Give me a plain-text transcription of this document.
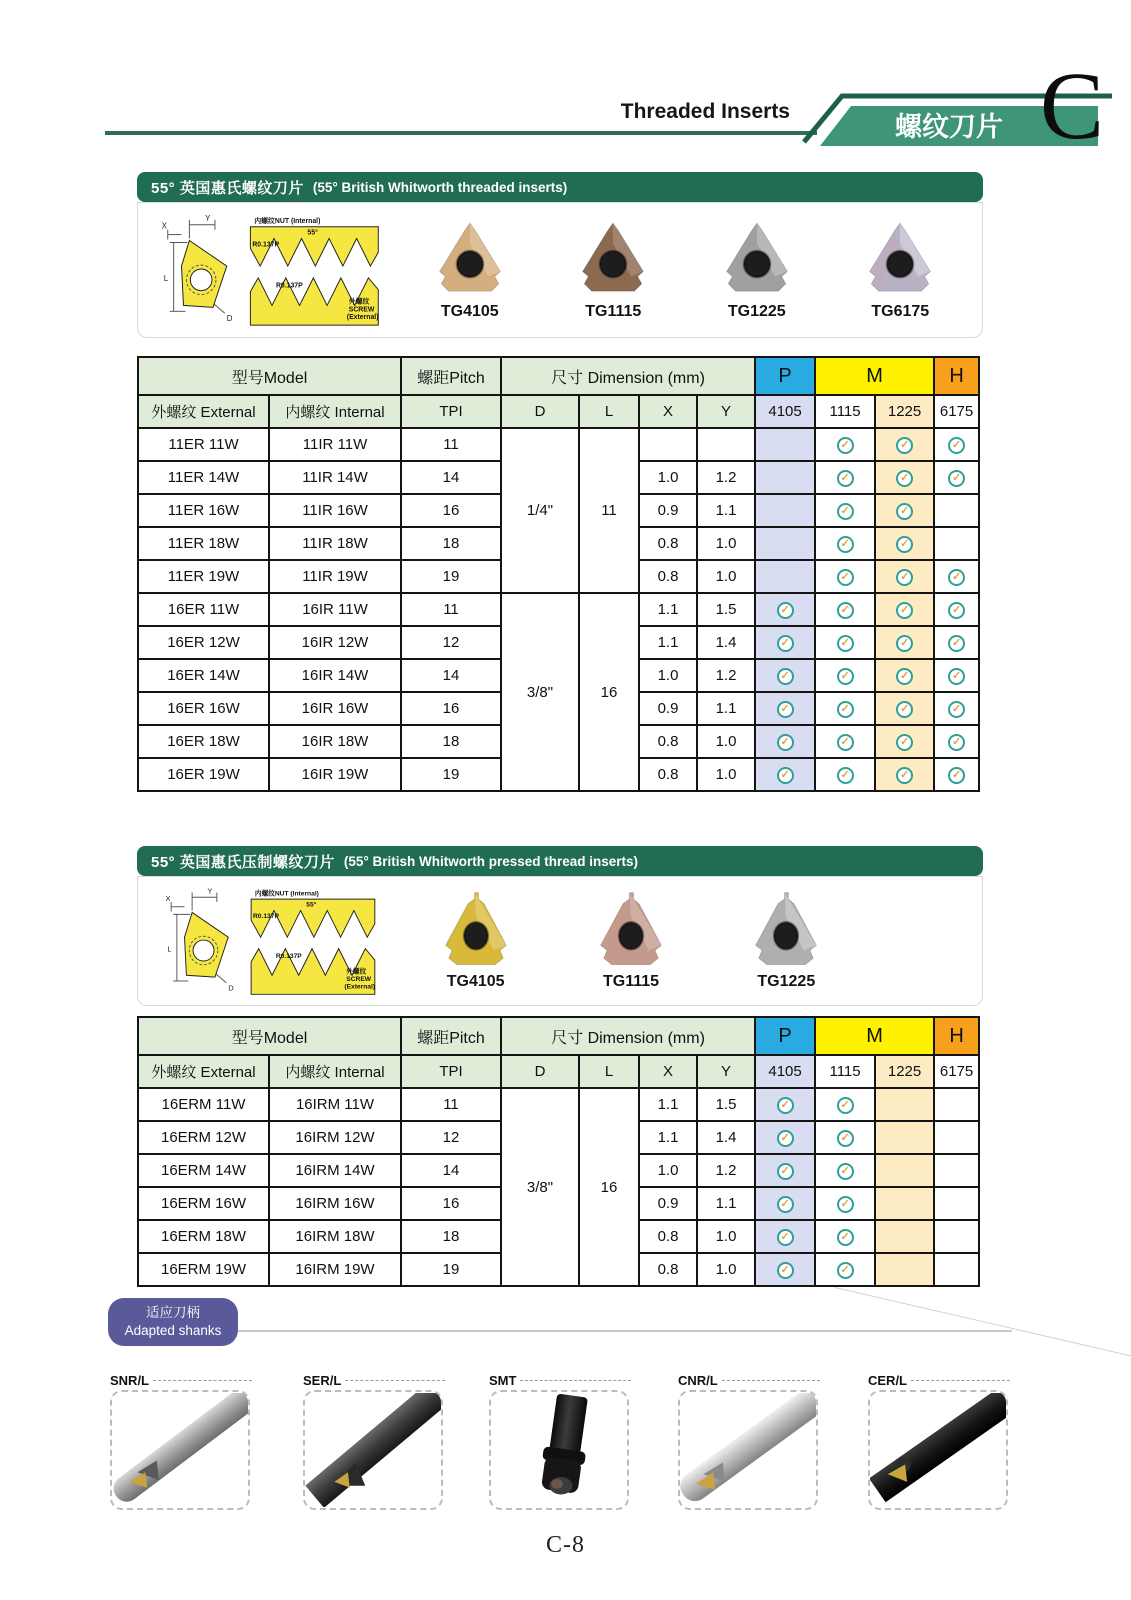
Threaded Inserts
螺纹刀片 C
55° 英国惠氏螺纹刀片 (55° British Whitworth threaded inserts)
Y
X
L
D
内螺纹NUT (Internal)
R0.137P
55°
R0.137P
外螺纹
SCREW
(External)	TG4105	TG1115	TG1225	TG6175
型号Model		螺距Pitch	尺寸 Dimension (mm)				P	M		H
外螺纹 External	内螺纹 Internal	TPI	D	L	X	Y	4105	1115	1225	6175
11ER 11W	11IR 11W	11	1/4"	11				✓	✓	✓
11ER 14W	11IR 14W	14			1.0	1.2		✓	✓	✓
11ER 16W	11IR 16W	16			0.9	1.1		✓	✓	
11ER 18W	11IR 18W	18			0.8	1.0		✓	✓	
11ER 19W	11IR 19W	19			0.8	1.0		✓	✓	✓
16ER 11W	16IR 11W	11	3/8"	16	1.1	1.5	✓	✓	✓	✓
16ER 12W	16IR 12W	12			1.1	1.4	✓	✓	✓	✓
16ER 14W	16IR 14W	14			1.0	1.2	✓	✓	✓	✓
16ER 16W	16IR 16W	16			0.9	1.1	✓	✓	✓	✓
16ER 18W	16IR 18W	18			0.8	1.0	✓	✓	✓	✓
16ER 19W	16IR 19W	19			0.8	1.0	✓	✓	✓	✓
55° 英国惠氏压制螺纹刀片 (55° British Whitworth pressed thread inserts)
Y
X
L
D
内螺纹NUT (Internal)
R0.137P
55°
R0.137P
外螺纹
SCREW
(External)	TG4105	TG1115	TG1225
型号Model		螺距Pitch	尺寸 Dimension (mm)				P	M		H
外螺纹 External	内螺纹 Internal	TPI	D	L	X	Y	4105	1115	1225	6175
16ERM 11W	16IRM 11W	11	3/8"	16	1.1	1.5	✓	✓		
16ERM 12W	16IRM 12W	12			1.1	1.4	✓	✓		
16ERM 14W	16IRM 14W	14			1.0	1.2	✓	✓		
16ERM 16W	16IRM 16W	16			0.9	1.1	✓	✓		
16ERM 18W	16IRM 18W	18			0.8	1.0	✓	✓		
16ERM 19W	16IRM 19W	19			0.8	1.0	✓	✓		
适应刀柄
Adapted shanks
SNR/L	SER/L	SMT	CNR/L	CER/L
C-8
